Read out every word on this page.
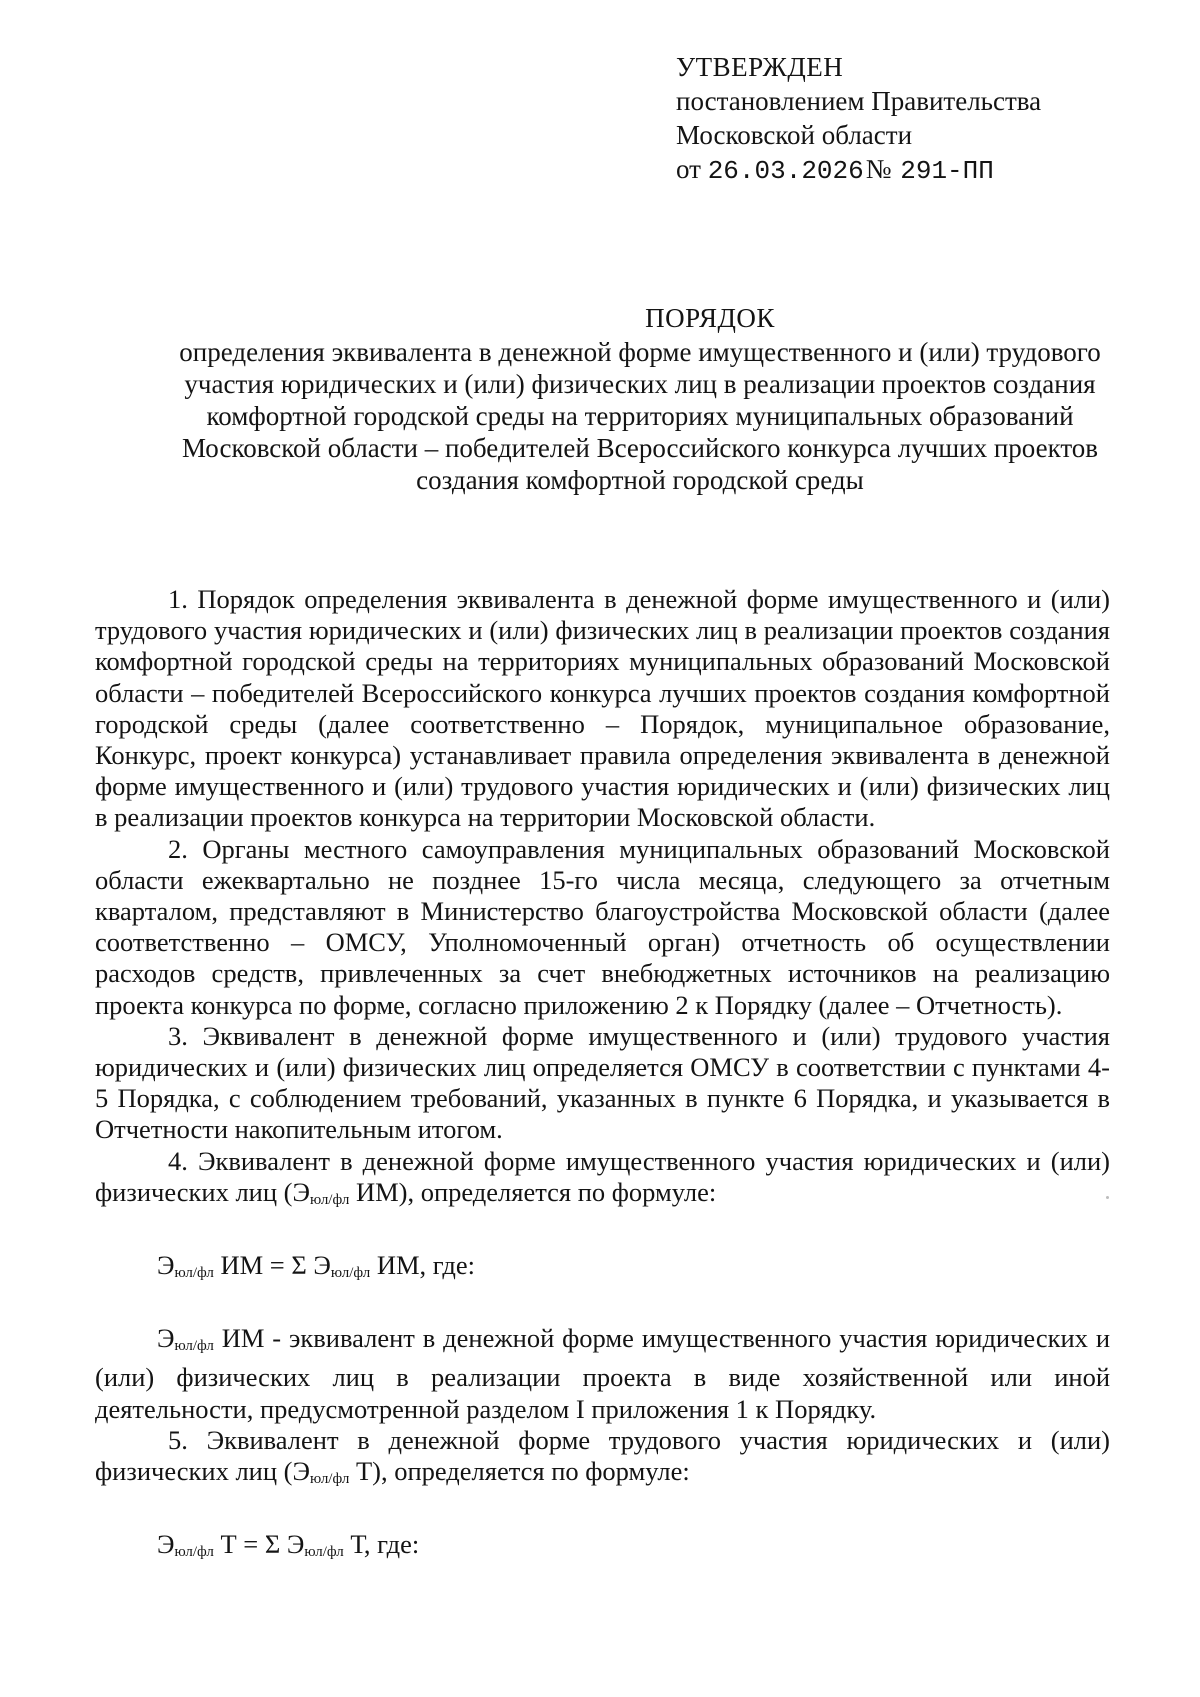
УТВЕРЖДЕН
постановлением Правительства
Московской области
от 26.03.2026№ 291-ПП
ПОРЯДОК
определения эквивалента в денежной форме имущественного и (или) трудового
участия юридических и (или) физических лиц в реализации проектов создания
комфортной городской среды на территориях муниципальных образований
Московской области – победителей Всероссийского конкурса лучших проектов
создания комфортной городской среды

1. Порядок определения эквивалента в денежной форме имущественного и (или) трудового участия юридических и (или) физических лиц в реализации проектов создания комфортной городской среды на территориях муниципальных образований Московской области – победителей Всероссийского конкурса лучших проектов создания комфортной городской среды (далее соответственно – Порядок, муниципальное образование, Конкурс, проект конкурса) устанавливает правила определения эквивалента в денежной форме имущественного и (или) трудового участия юридических и (или) физических лиц в реализации проектов конкурса на территории Московской области.

2. Органы местного самоуправления муниципальных образований Московской области ежеквартально не позднее 15-го числа месяца, следующего за отчетным кварталом, представляют в Министерство благоустройства Московской области (далее соответственно – ОМСУ, Уполномоченный орган) отчетность об осуществлении расходов средств, привлеченных за счет внебюджетных источников на реализацию проекта конкурса по форме, согласно приложению 2 к Порядку (далее – Отчетность).

3. Эквивалент в денежной форме имущественного и (или) трудового участия юридических и (или) физических лиц определяется ОМСУ в соответствии с пунктами 4-5 Порядка, с соблюдением требований, указанных в пункте 6 Порядка, и указывается в Отчетности накопительным итогом.

4. Эквивалент в денежной форме имущественного участия юридических и (или) физических лиц ($Э_{юл/фл}$ ИМ), определяется по формуле:

$Э_{юл/фл}$ ИМ = Σ $Э_{юл/фл}$ ИМ, где:

$Э_{юл/фл}$ ИМ - эквивалент в денежной форме имущественного участия юридических и (или) физических лиц в реализации проекта в виде хозяйственной или иной деятельности, предусмотренной разделом I приложения 1 к Порядку.

5. Эквивалент в денежной форме трудового участия юридических и (или) физических лиц ($Э_{юл/фл}$ Т), определяется по формуле:

$Э_{юл/фл}$ Т = Σ $Э_{юл/фл}$ Т, где:
